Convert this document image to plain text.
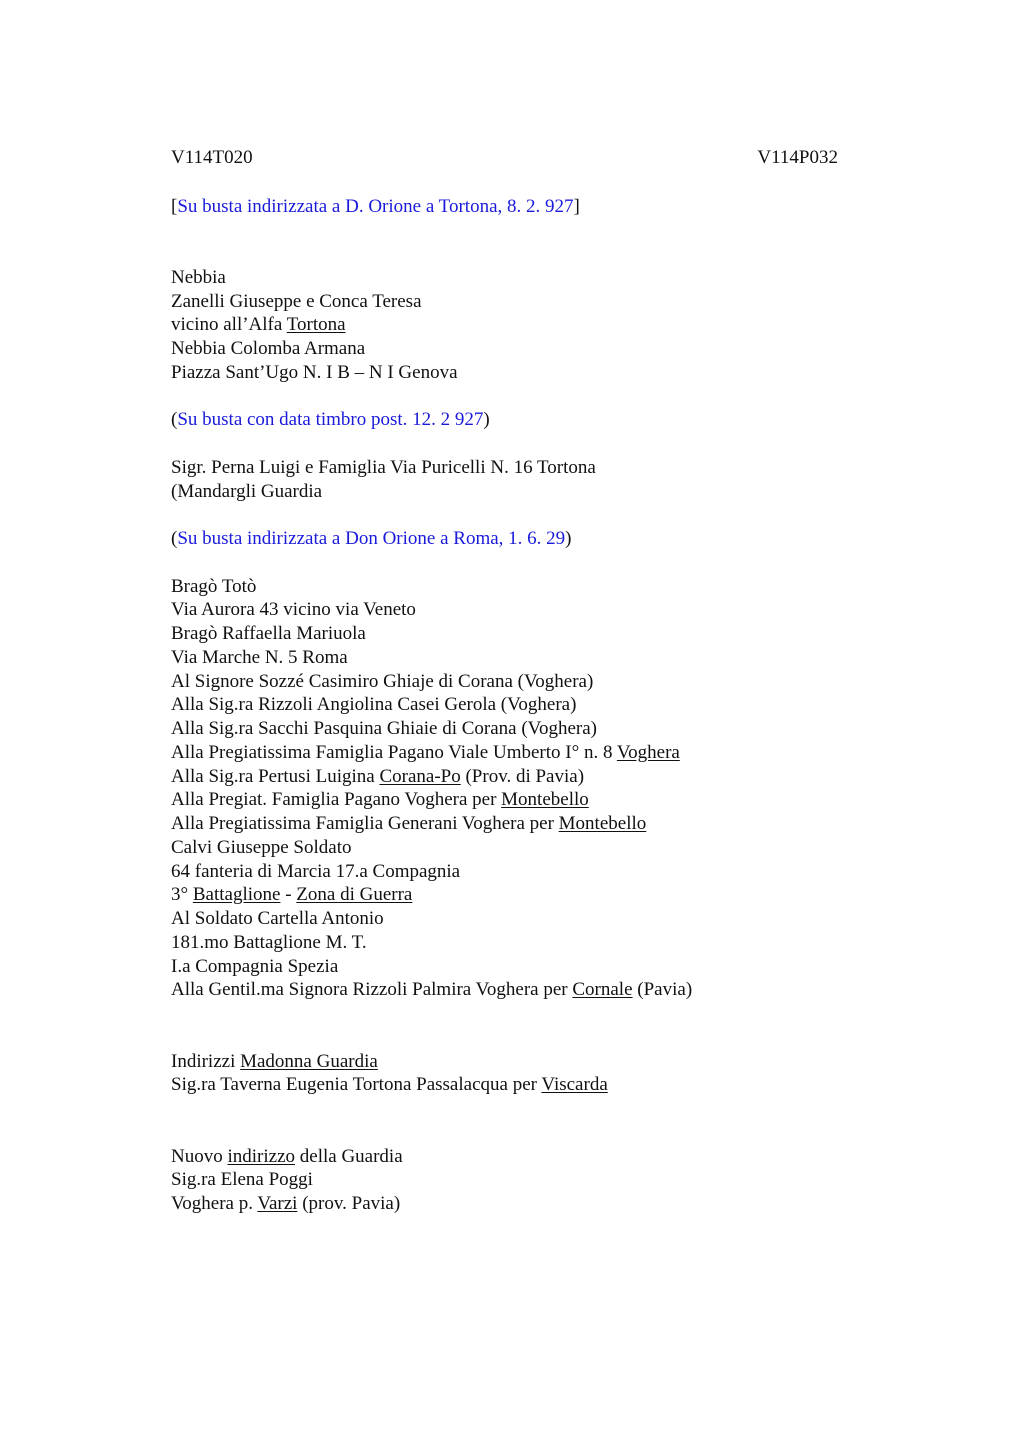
V114T020	V114P032
[Su busta indirizzata a D. Orione a Tortona, 8. 2. 927]
Nebbia
Zanelli Giuseppe e Conca Teresa
vicino all’Alfa Tortona
Nebbia Colomba Armana
Piazza Sant’Ugo N. I B – N I Genova
(Su busta con data timbro post. 12. 2 927)
Sigr. Perna Luigi e Famiglia Via Puricelli N. 16 Tortona
(Mandargli Guardia
(Su busta indirizzata a Don Orione a Roma, 1. 6. 29)
Bragò Totò
Via Aurora 43 vicino via Veneto
Bragò Raffaella Mariuola
Via Marche N. 5 Roma
Al Signore Sozzé Casimiro Ghiaje di Corana (Voghera)
Alla Sig.ra Rizzoli Angiolina Casei Gerola (Voghera)
Alla Sig.ra Sacchi Pasquina Ghiaie di Corana (Voghera)
Alla Pregiatissima Famiglia Pagano Viale Umberto I° n. 8 Voghera
Alla Sig.ra Pertusi Luigina Corana-Po (Prov. di Pavia)
Alla Pregiat. Famiglia Pagano Voghera per Montebello
Alla Pregiatissima Famiglia Generani Voghera per Montebello
Calvi Giuseppe Soldato
64 fanteria di Marcia 17.a Compagnia
3° Battaglione - Zona di Guerra
Al Soldato Cartella Antonio
181.mo Battaglione M. T.
I.a Compagnia Spezia
Alla Gentil.ma Signora Rizzoli Palmira Voghera per Cornale (Pavia)
Indirizzi Madonna Guardia
Sig.ra Taverna Eugenia Tortona Passalacqua per Viscarda
Nuovo indirizzo della Guardia
Sig.ra Elena Poggi
Voghera p. Varzi (prov. Pavia)
